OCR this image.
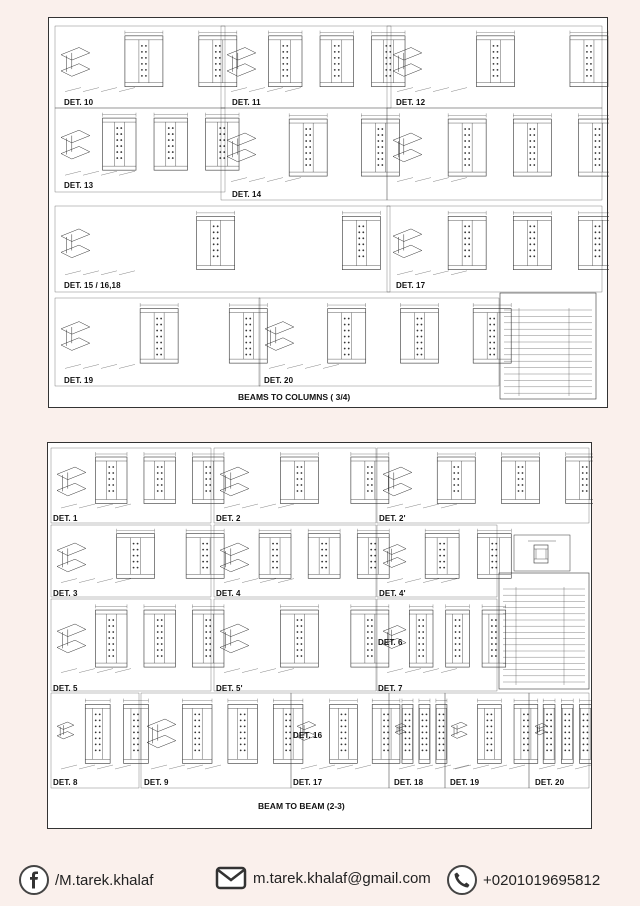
DET. 10	DET. 11	DET. 12
DET. 13
DET. 14
DET. 15 / 16,18	DET. 17
DET. 19	DET. 20
BEAMS TO COLUMNS ( 3/4)
DET. 1	DET. 2	DET. 2'
DET. 3	DET. 4	DET. 4'
DET. 5	DET. 5'
DET. 6
DET. 7
DET. 8	DET. 9
DET. 16
DET. 17	DET. 18	DET. 19	DET. 20
BEAM TO BEAM (2-3)
/M.tarek.khalaf	m.tarek.khalaf@gmail.com	+0201019695812
